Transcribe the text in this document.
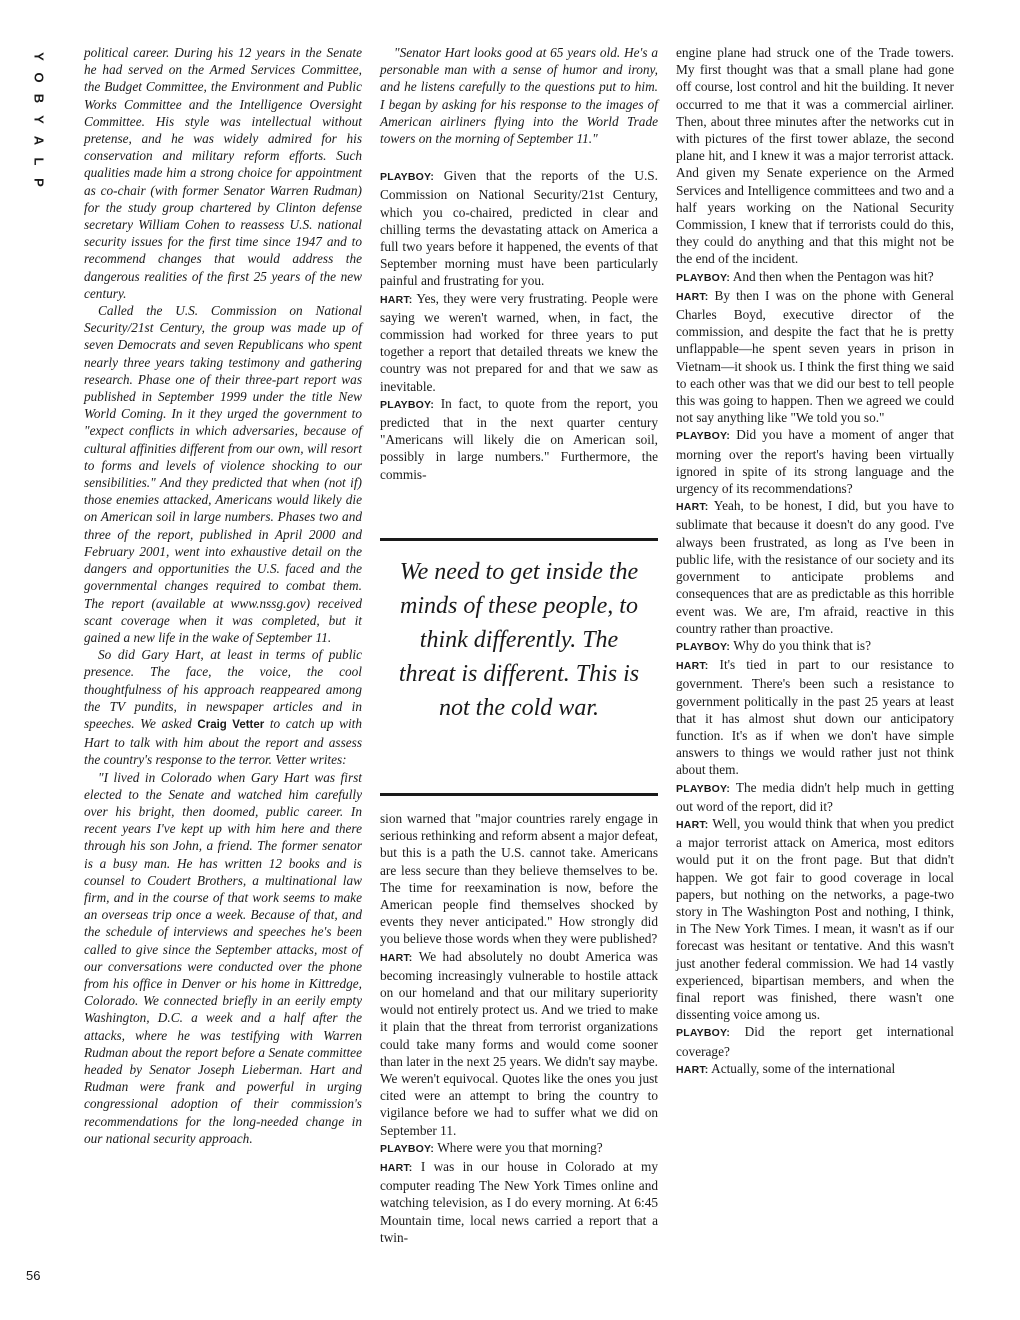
Y
O
B
Y
A
L
P

political career. During his 12 years in the Senate he had served on the Armed Services Committee, the Budget Committee, the Environment and Public Works Committee and the Intelligence Oversight Committee. His style was intellectual without pretense, and he was widely admired for his conservation and military reform efforts. Such qualities made him a strong choice for appointment as co-chair (with former Senator Warren Rudman) for the study group chartered by Clinton defense secretary William Cohen to reassess U.S. national security issues for the first time since 1947 and to recommend changes that would address the dangerous realities of the first 25 years of the new century.

Called the U.S. Commission on National Security/21st Century, the group was made up of seven Democrats and seven Republicans who spent nearly three years taking testimony and gathering research. Phase one of their three-part report was published in September 1999 under the title New World Coming. In it they urged the government to "expect conflicts in which adversaries, because of cultural affinities different from our own, will resort to forms and levels of violence shocking to our sensibilities." And they predicted that when (not if) those enemies attacked, Americans would likely die on American soil in large numbers. Phases two and three of the report, published in April 2000 and February 2001, went into exhaustive detail on the dangers and opportunities the U.S. faced and the governmental changes required to combat them. The report (available at www.nssg.gov) received scant coverage when it was completed, but it gained a new life in the wake of September 11.

So did Gary Hart, at least in terms of public presence. The face, the voice, the cool thoughtfulness of his approach reappeared among the TV pundits, in newspaper articles and in speeches. We asked Craig Vetter to catch up with Hart to talk with him about the report and assess the country's response to the terror. Vetter writes:

"I lived in Colorado when Gary Hart was first elected to the Senate and watched him carefully over his bright, then doomed, public career. In recent years I've kept up with him here and there through his son John, a friend. The former senator is a busy man. He has written 12 books and is counsel to Coudert Brothers, a multinational law firm, and in the course of that work seems to make an overseas trip once a week. Because of that, and the schedule of interviews and speeches he's been called to give since the September attacks, most of our conversations were conducted over the phone from his office in Denver or his home in Kittredge, Colorado. We connected briefly in an eerily empty Washington, D.C. a week and a half after the attacks, where he was testifying with Warren Rudman about the report before a Senate committee headed by Senator Joseph Lieberman. Hart and Rudman were frank and powerful in urging congressional adoption of their commission's recommendations for the long-needed change in our national security approach.

"Senator Hart looks good at 65 years old. He's a personable man with a sense of humor and irony, and he listens carefully to the questions put to him. I began by asking for his response to the images of American airliners flying into the World Trade towers on the morning of September 11."

PLAYBOY: Given that the reports of the U.S. Commission on National Security/21st Century, which you co-chaired, predicted in clear and chilling terms the devastating attack on America a full two years before it happened, the events of that September morning must have been particularly painful and frustrating for you.

HART: Yes, they were very frustrating. People were saying we weren't warned, when, in fact, the commission had worked for three years to put together a report that detailed threats we knew the country was not prepared for and that we saw as inevitable.

PLAYBOY: In fact, to quote from the report, you predicted that in the next quarter century "Americans will likely die on American soil, possibly in large numbers." Furthermore, the commis-

We need to get inside the minds of these people, to think differently. The threat is different. This is not the cold war.

sion warned that "major countries rarely engage in serious rethinking and reform absent a major defeat, but this is a path the U.S. cannot take. Americans are less secure than they believe themselves to be. The time for reexamination is now, before the American people find themselves shocked by events they never anticipated." How strongly did you believe those words when they were published?

HART: We had absolutely no doubt America was becoming increasingly vulnerable to hostile attack on our homeland and that our military superiority would not entirely protect us. And we tried to make it plain that the threat from terrorist organizations could take many forms and would come sooner than later in the next 25 years. We didn't say maybe. We weren't equivocal. Quotes like the ones you just cited were an attempt to bring the country to vigilance before we had to suffer what we did on September 11.

PLAYBOY: Where were you that morning?

HART: I was in our house in Colorado at my computer reading The New York Times online and watching television, as I do every morning. At 6:45 Mountain time, local news carried a report that a twin-

engine plane had struck one of the Trade towers. My first thought was that a small plane had gone off course, lost control and hit the building. It never occurred to me that it was a commercial airliner. Then, about three minutes after the networks cut in with pictures of the first tower ablaze, the second plane hit, and I knew it was a major terrorist attack. And given my Senate experience on the Armed Services and Intelligence committees and two and a half years working on the National Security Commission, I knew that if terrorists could do this, they could do anything and that this might not be the end of the incident.

PLAYBOY: And then when the Pentagon was hit?

HART: By then I was on the phone with General Charles Boyd, executive director of the commission, and despite the fact that he is pretty unflappable—he spent seven years in prison in Vietnam—it shook us. I think the first thing we said to each other was that we did our best to tell people this was going to happen. Then we agreed we could not say anything like "We told you so."

PLAYBOY: Did you have a moment of anger that morning over the report's having been virtually ignored in spite of its strong language and the urgency of its recommendations?

HART: Yeah, to be honest, I did, but you have to sublimate that because it doesn't do any good. I've always been frustrated, as long as I've been in public life, with the resistance of our society and its government to anticipate problems and consequences that are as predictable as this horrible event was. We are, I'm afraid, reactive in this country rather than proactive.

PLAYBOY: Why do you think that is?

HART: It's tied in part to our resistance to government. There's been such a resistance to government politically in the past 25 years at least that it has almost shut down our anticipatory function. It's as if when we don't have simple answers to things we would rather just not think about them.

PLAYBOY: The media didn't help much in getting out word of the report, did it?

HART: Well, you would think that when you predict a major terrorist attack on America, most editors would put it on the front page. But that didn't happen. We got fair to good coverage in local papers, but nothing on the networks, a page-two story in The Washington Post and nothing, I think, in The New York Times. I mean, it wasn't as if our forecast was hesitant or tentative. And this wasn't just another federal commission. We had 14 vastly experienced, bipartisan members, and when the final report was finished, there wasn't one dissenting voice among us.

PLAYBOY: Did the report get international coverage?

HART: Actually, some of the international

56
